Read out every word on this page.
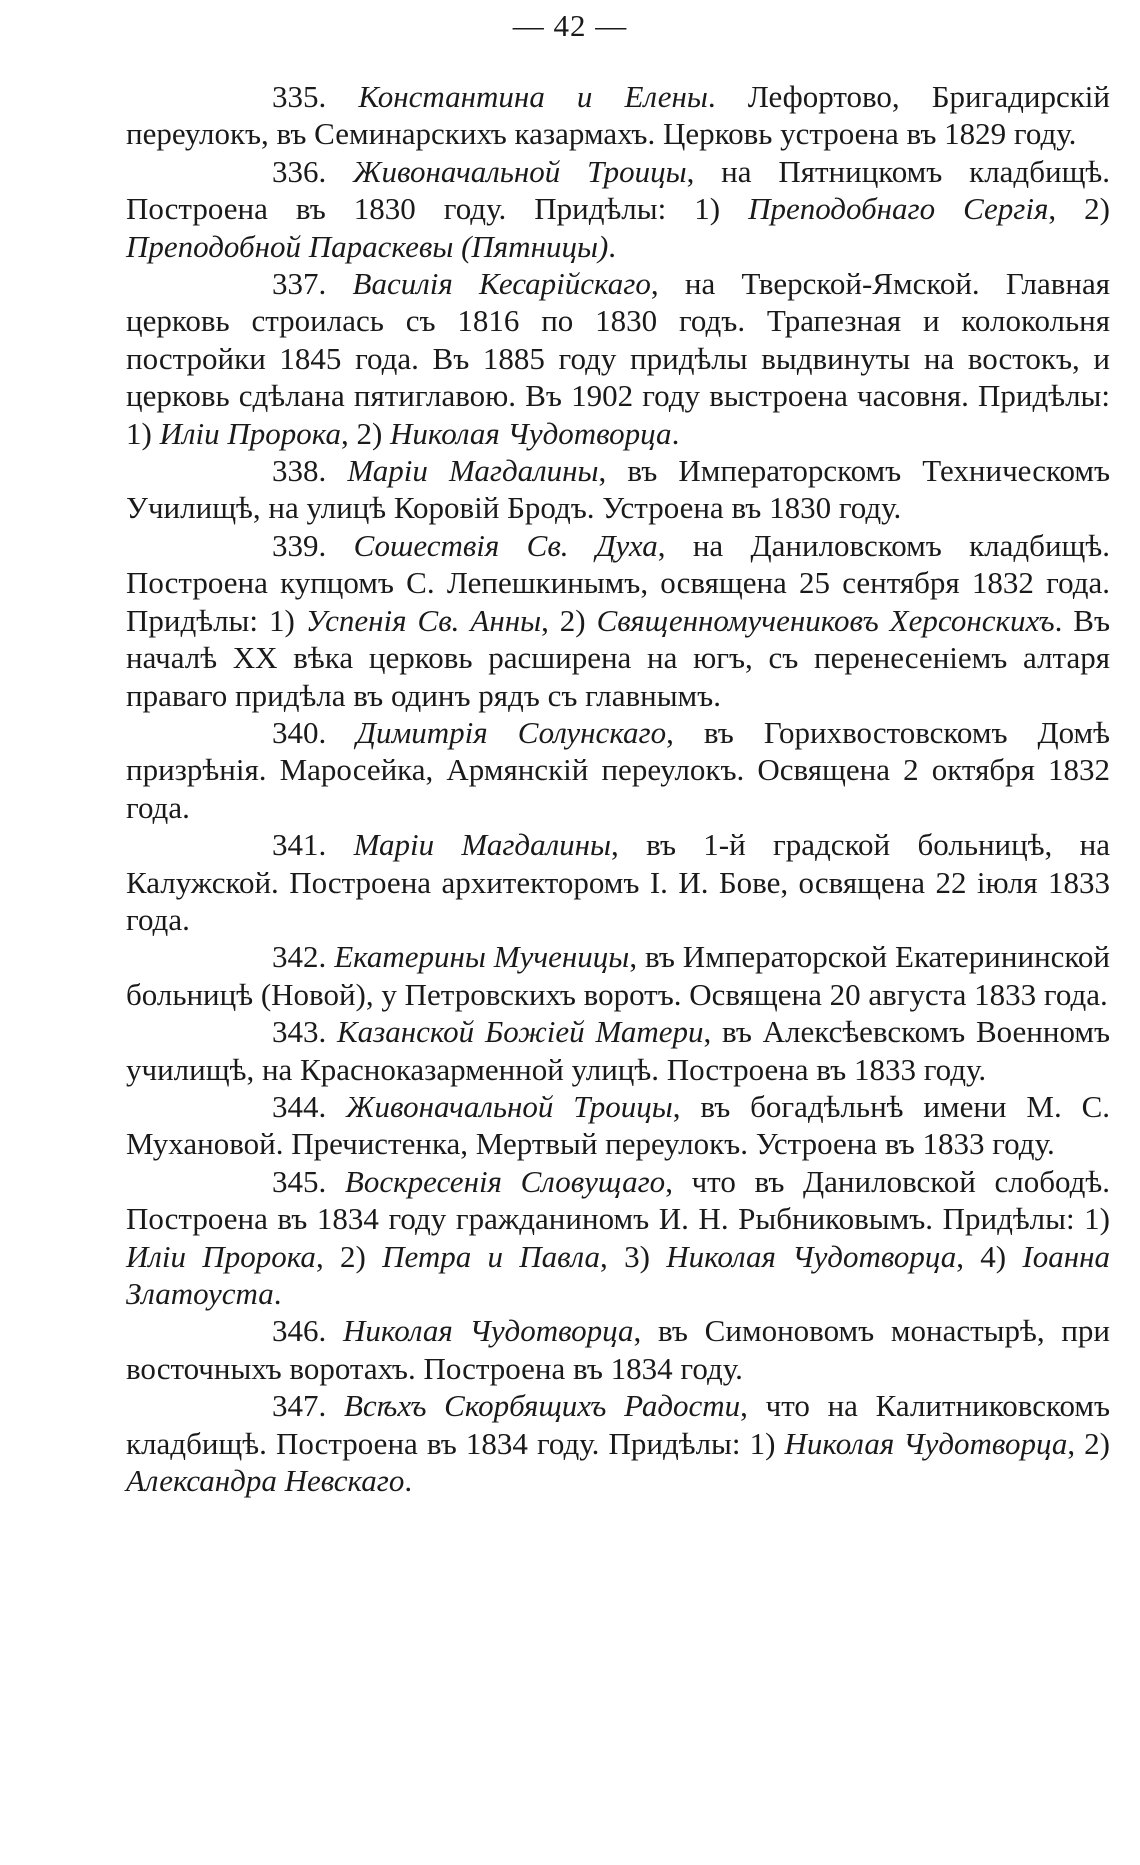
— 42 —

335. Константина и Елены. Лефортово, Бригадирскій переулокъ, въ Семинарскихъ казармахъ. Церковь устроена въ 1829 году.

336. Живоначальной Троицы, на Пятницкомъ кладбищѣ. Построена въ 1830 году. Придѣлы: 1) Преподобнаго Сергія, 2) Преподобной Параскевы (Пятницы).

337. Василія Кесарійскаго, на Тверской-Ямской. Главная церковь строилась съ 1816 по 1830 годъ. Трапезная и колокольня постройки 1845 года. Въ 1885 году придѣлы выдвинуты на востокъ, и церковь сдѣлана пятиглавою. Въ 1902 году выстроена часовня. Придѣлы: 1) Иліи Пророка, 2) Николая Чудотворца.

338. Маріи Магдалины, въ Императорскомъ Техническомъ Училищѣ, на улицѣ Коровій Бродъ. Устроена въ 1830 году.

339. Сошествія Св. Духа, на Даниловскомъ кладбищѣ. Построена купцомъ С. Лепешкинымъ, освящена 25 сентября 1832 года. Придѣлы: 1) Успенія Св. Анны, 2) Священномучениковъ Херсонскихъ. Въ началѣ XX вѣка церковь расширена на югъ, съ перенесеніемъ алтаря праваго придѣла въ одинъ рядъ съ главнымъ.

340. Димитрія Солунскаго, въ Горихвостовскомъ Домѣ призрѣнія. Маросейка, Армянскій переулокъ. Освящена 2 октября 1832 года.

341. Маріи Магдалины, въ 1-й градской больницѣ, на Калужской. Построена архитекторомъ І. И. Бове, освящена 22 іюля 1833 года.

342. Екатерины Мученицы, въ Императорской Екатерининской больницѣ (Новой), у Петровскихъ воротъ. Освящена 20 августа 1833 года.

343. Казанской Божіей Матери, въ Алексѣевскомъ Военномъ училищѣ, на Красноказарменной улицѣ. Построена въ 1833 году.

344. Живоначальной Троицы, въ богадѣльнѣ имени М. С. Мухановой. Пречистенка, Мертвый переулокъ. Устроена въ 1833 году.

345. Воскресенія Словущаго, что въ Даниловской слободѣ. Построена въ 1834 году гражданиномъ И. Н. Рыбниковымъ. Придѣлы: 1) Иліи Пророка, 2) Петра и Павла, 3) Николая Чудотворца, 4) Іоанна Златоуста.

346. Николая Чудотворца, въ Симоновомъ монастырѣ, при восточныхъ воротахъ. Построена въ 1834 году.

347. Всѣхъ Скорбящихъ Радости, что на Калитниковскомъ кладбищѣ. Построена въ 1834 году. Придѣлы: 1) Николая Чудотворца, 2) Александра Невскаго.
